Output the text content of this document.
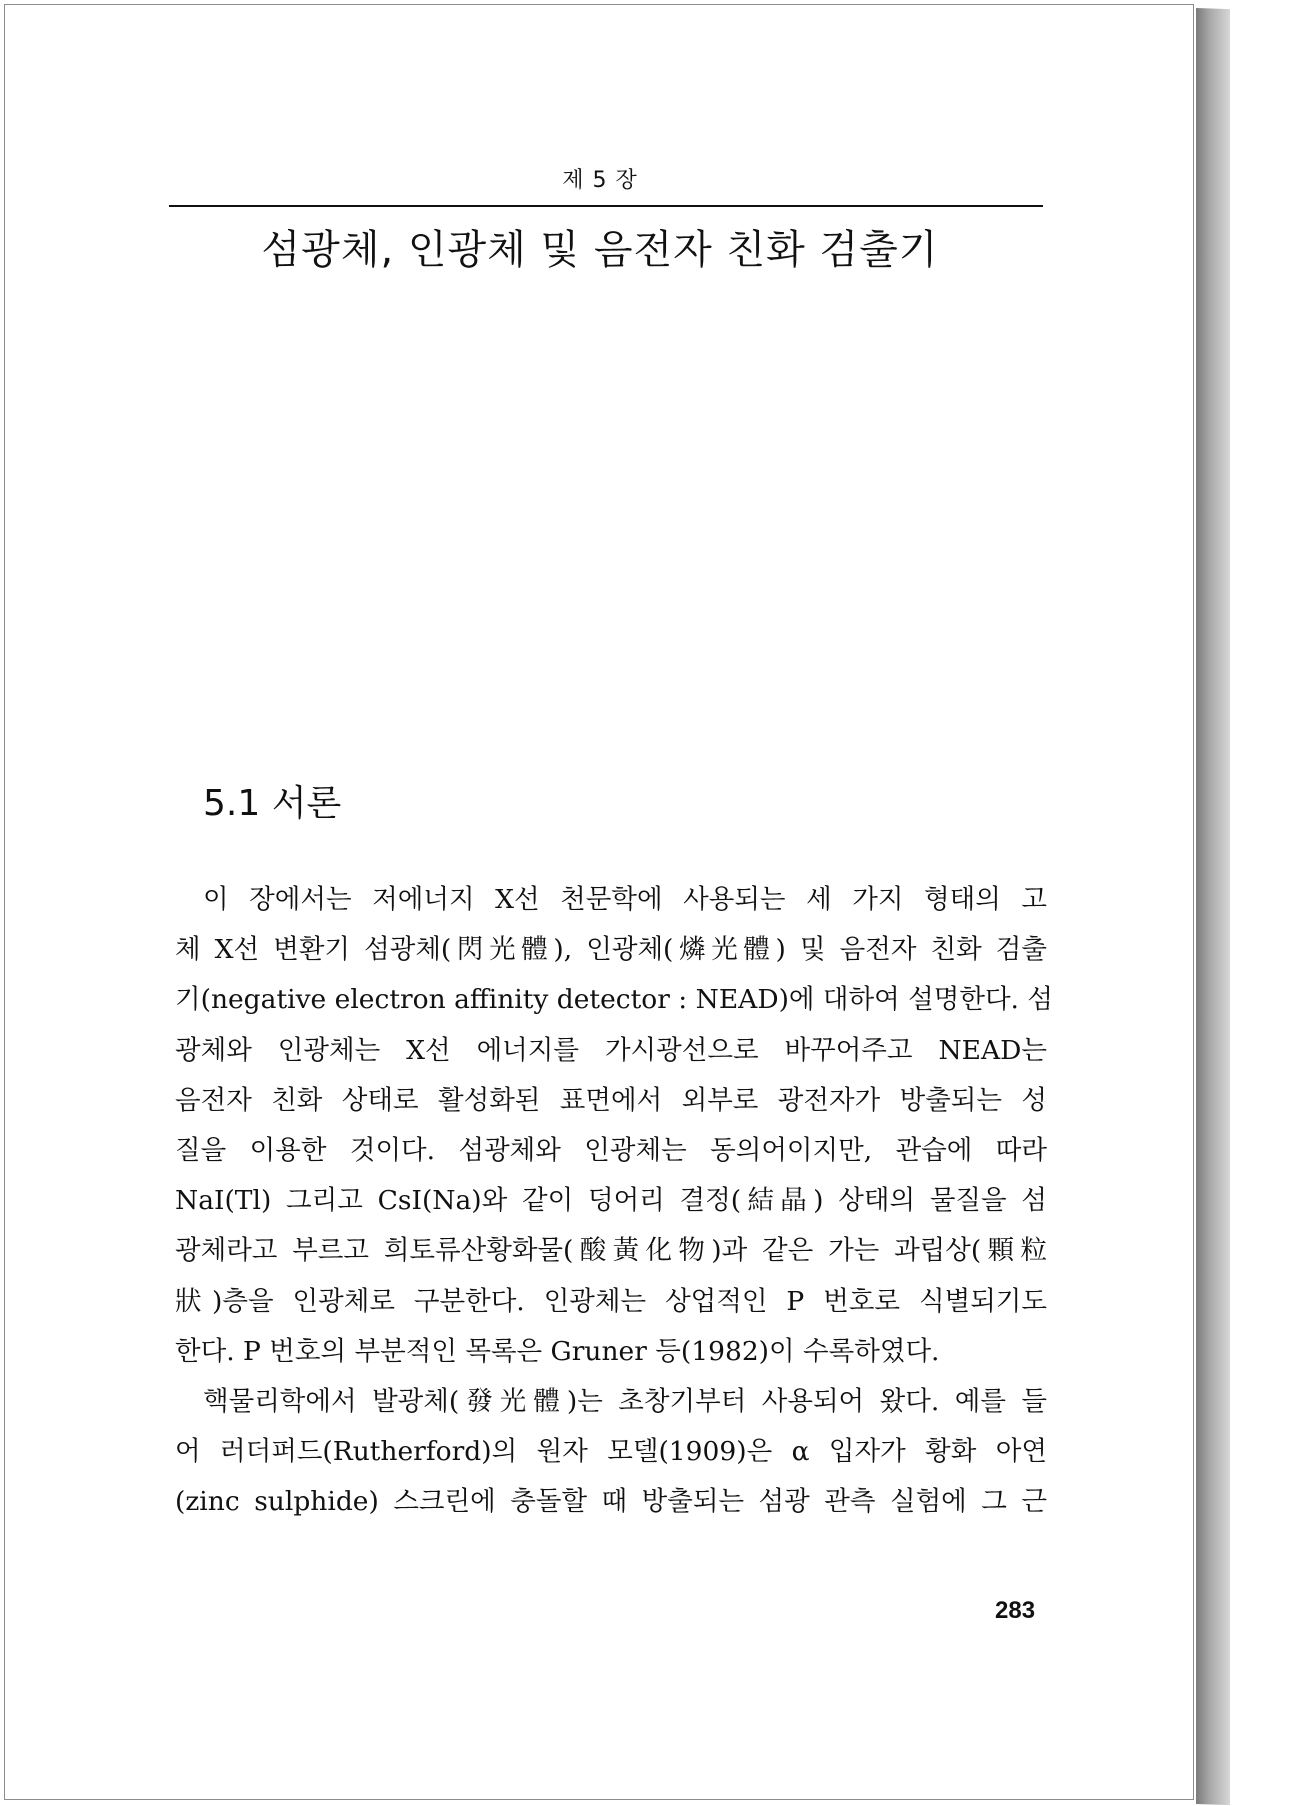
제 5 장
섬광체, 인광체 및 음전자 친화 검출기
5.1 서론
이 장에서는 저에너지 X선 천문학에 사용되는 세 가지 형태의 고
체 X선 변환기 섬광체(閃光體), 인광체(燐光體) 및 음전자 친화 검출
기(negative electron affinity detector : NEAD)에 대하여 설명한다. 섬
광체와 인광체는 X선 에너지를 가시광선으로 바꾸어주고 NEAD는
음전자 친화 상태로 활성화된 표면에서 외부로 광전자가 방출되는 성
질을 이용한 것이다. 섬광체와 인광체는 동의어이지만, 관습에 따라
NaI(Tl) 그리고 CsI(Na)와 같이 덩어리 결정(結晶) 상태의 물질을 섬
광체라고 부르고 희토류산황화물(酸黃化物)과 같은 가는 과립상(顆粒
狀)층을 인광체로 구분한다. 인광체는 상업적인 P 번호로 식별되기도
한다. P 번호의 부분적인 목록은 Gruner 등(1982)이 수록하였다.
핵물리학에서 발광체(發光體)는 초창기부터 사용되어 왔다. 예를 들
어 러더퍼드(Rutherford)의 원자 모델(1909)은 α 입자가 황화 아연
(zinc sulphide) 스크린에 충돌할 때 방출되는 섬광 관측 실험에 그 근
283
